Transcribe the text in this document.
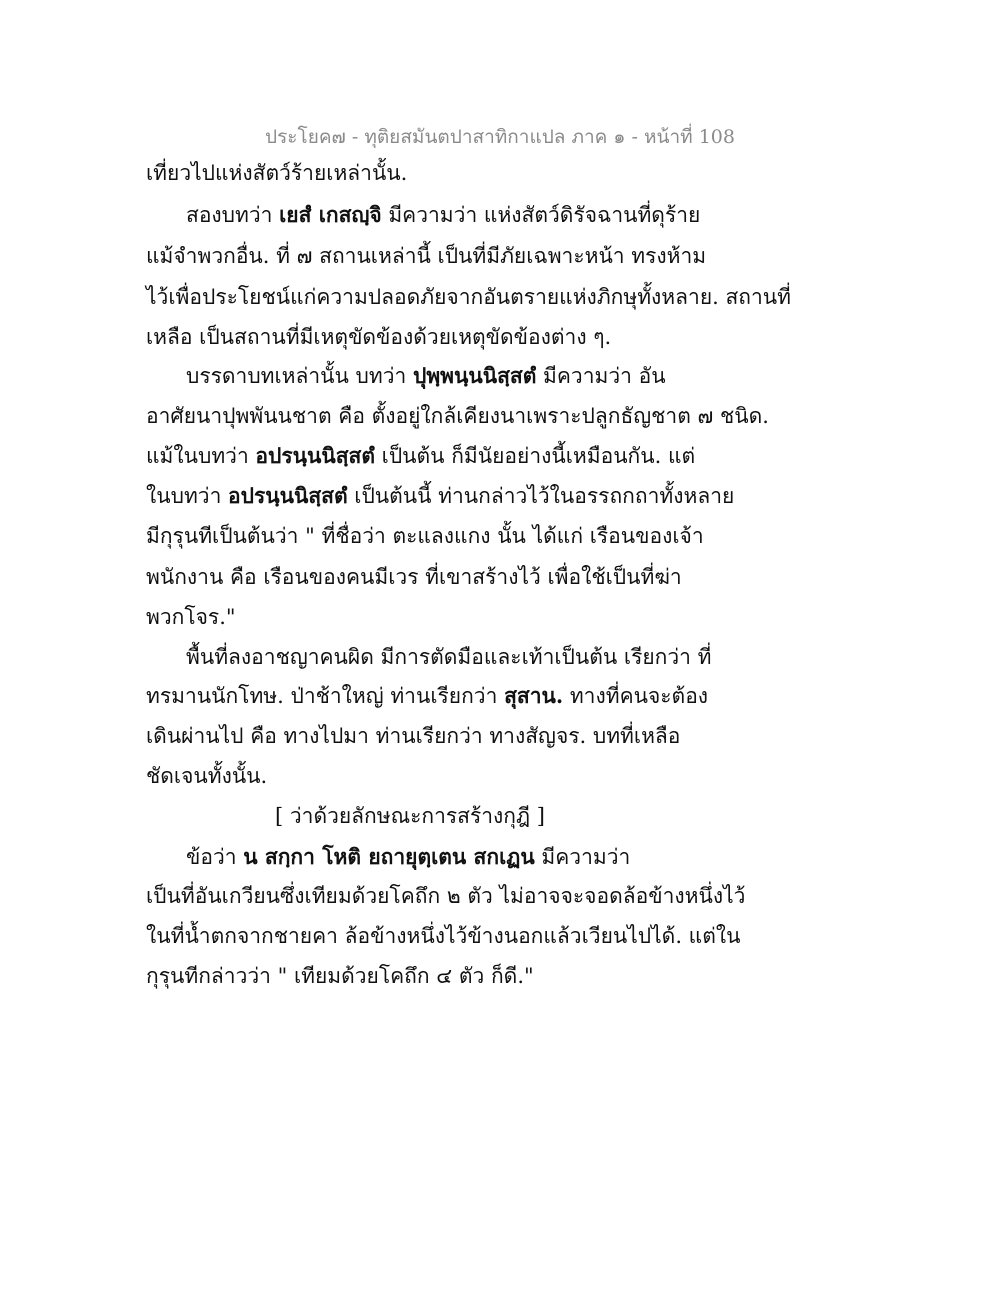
ประโยค๗ - ทุติยสมันตปาสาทิกาแปล ภาค ๑ - หน้าที่ 108
เที่ยวไปแห่งสัตว์ร้ายเหล่านั้น.
สองบทว่า เยสํ เกสญฺจิ มีความว่า แห่งสัตว์ดิรัจฉานที่ดุร้าย
แม้จำพวกอื่น. ที่ ๗ สถานเหล่านี้ เป็นที่มีภัยเฉพาะหน้า ทรงห้าม
ไว้เพื่อประโยชน์แก่ความปลอดภัยจากอันตรายแห่งภิกษุทั้งหลาย. สถานที่
เหลือ เป็นสถานที่มีเหตุขัดข้องด้วยเหตุขัดข้องต่าง ๆ.
บรรดาบทเหล่านั้น บทว่า ปุพฺพนฺนนิสฺสตํ มีความว่า อัน
อาศัยนาปุพพันนชาต คือ ตั้งอยู่ใกล้เคียงนาเพราะปลูกธัญชาต ๗ ชนิด.
แม้ในบทว่า อปรนฺนนิสฺสตํ เป็นต้น ก็มีนัยอย่างนี้เหมือนกัน. แต่
ในบทว่า อปรนฺนนิสฺสตํ เป็นต้นนี้ ท่านกล่าวไว้ในอรรถกถาทั้งหลาย
มีกุรุนทีเป็นต้นว่า " ที่ชื่อว่า ตะแลงแกง นั้น ได้แก่ เรือนของเจ้า
พนักงาน คือ เรือนของคนมีเวร ที่เขาสร้างไว้ เพื่อใช้เป็นที่ฆ่า
พวกโจร."
พื้นที่ลงอาชญาคนผิด มีการตัดมือและเท้าเป็นต้น เรียกว่า ที่
ทรมานนักโทษ. ป่าช้าใหญ่ ท่านเรียกว่า สุสาน. ทางที่คนจะต้อง
เดินผ่านไป คือ ทางไปมา ท่านเรียกว่า ทางสัญจร. บทที่เหลือ
ชัดเจนทั้งนั้น.
[ ว่าด้วยลักษณะการสร้างกุฎี ]
ข้อว่า น สกฺกา โหติ ยถายุตฺเตน สกเฏน มีความว่า
เป็นที่อันเกวียนซึ่งเทียมด้วยโคถึก ๒ ตัว ไม่อาจจะจอดล้อข้างหนึ่งไว้
ในที่น้ำตกจากชายคา ล้อข้างหนึ่งไว้ข้างนอกแล้วเวียนไปได้. แต่ใน
กุรุนทีกล่าวว่า " เทียมด้วยโคถึก ๔ ตัว ก็ดี."
